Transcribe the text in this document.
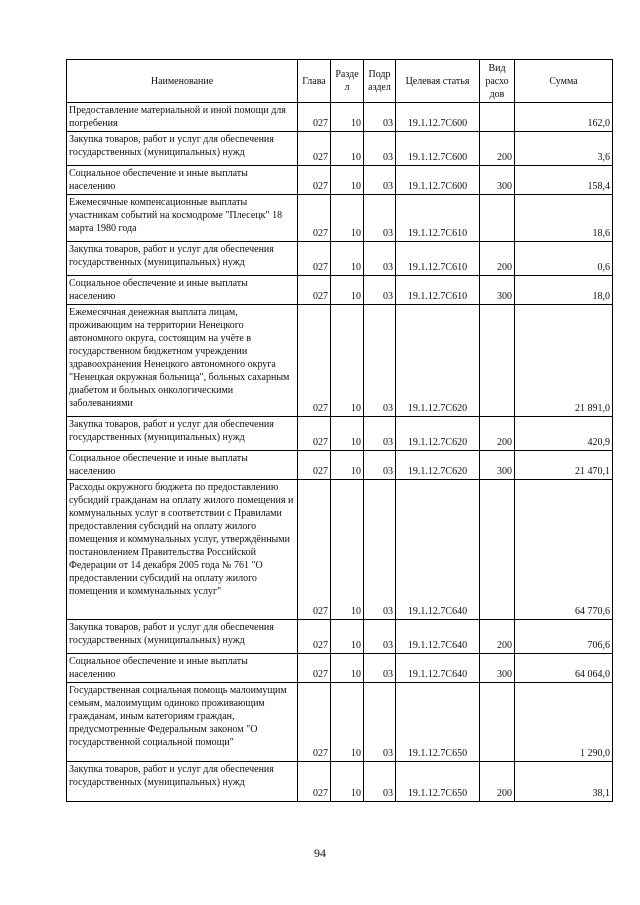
Наименование	Глава	Разде л	Подр аздел	Целевая статья	Вид расхо дов	Сумма
Предоставление материальной и иной помощи для погребения	027	10	03	19.1.12.7С600		162,0
Закупка товаров, работ и услуг для обеспечения государственных (муниципальных) нужд	027	10	03	19.1.12.7С600	200	3,6
Социальное обеспечение и иные выплаты населению	027	10	03	19.1.12.7С600	300	158,4
Ежемесячные компенсационные выплаты участникам событий на космодроме "Плесецк" 18 марта 1980 года	027	10	03	19.1.12.7С610		18,6
Закупка товаров, работ и услуг для обеспечения государственных (муниципальных) нужд	027	10	03	19.1.12.7С610	200	0,6
Социальное обеспечение и иные выплаты населению	027	10	03	19.1.12.7С610	300	18,0
Ежемесячная денежная выплата лицам, проживающим на территории Ненецкого автономного округа, состоящим на учёте в государственном бюджетном учреждении здравоохранения Ненецкого автономного округа "Ненецкая окружная больница", больных сахарным диабетом и больных онкологическими заболеваниями	027	10	03	19.1.12.7С620		21 891,0
Закупка товаров, работ и услуг для обеспечения государственных (муниципальных) нужд	027	10	03	19.1.12.7С620	200	420,9
Социальное обеспечение и иные выплаты населению	027	10	03	19.1.12.7С620	300	21 470,1
Расходы окружного бюджета по предоставлению субсидий гражданам на оплату жилого помещения и коммунальных услуг в соответствии с Правилами предоставления субсидий на оплату жилого помещения и коммунальных услуг, утверждёнными постановлением Правительства Российской Федерации от 14 декабря 2005 года № 761 "О предоставлении субсидий на оплату жилого помещения и коммунальных услуг"	027	10	03	19.1.12.7С640		64 770,6
Закупка товаров, работ и услуг для обеспечения государственных (муниципальных) нужд	027	10	03	19.1.12.7С640	200	706,6
Социальное обеспечение и иные выплаты населению	027	10	03	19.1.12.7С640	300	64 064,0
Государственная социальная помощь малоимущим семьям, малоимущим одиноко проживающим гражданам, иным категориям граждан, предусмотренные Федеральным законом "О государственной социальной помощи"	027	10	03	19.1.12.7С650		1 290,0
Закупка товаров, работ и услуг для обеспечения государственных (муниципальных) нужд	027	10	03	19.1.12.7С650	200	38,1
94
